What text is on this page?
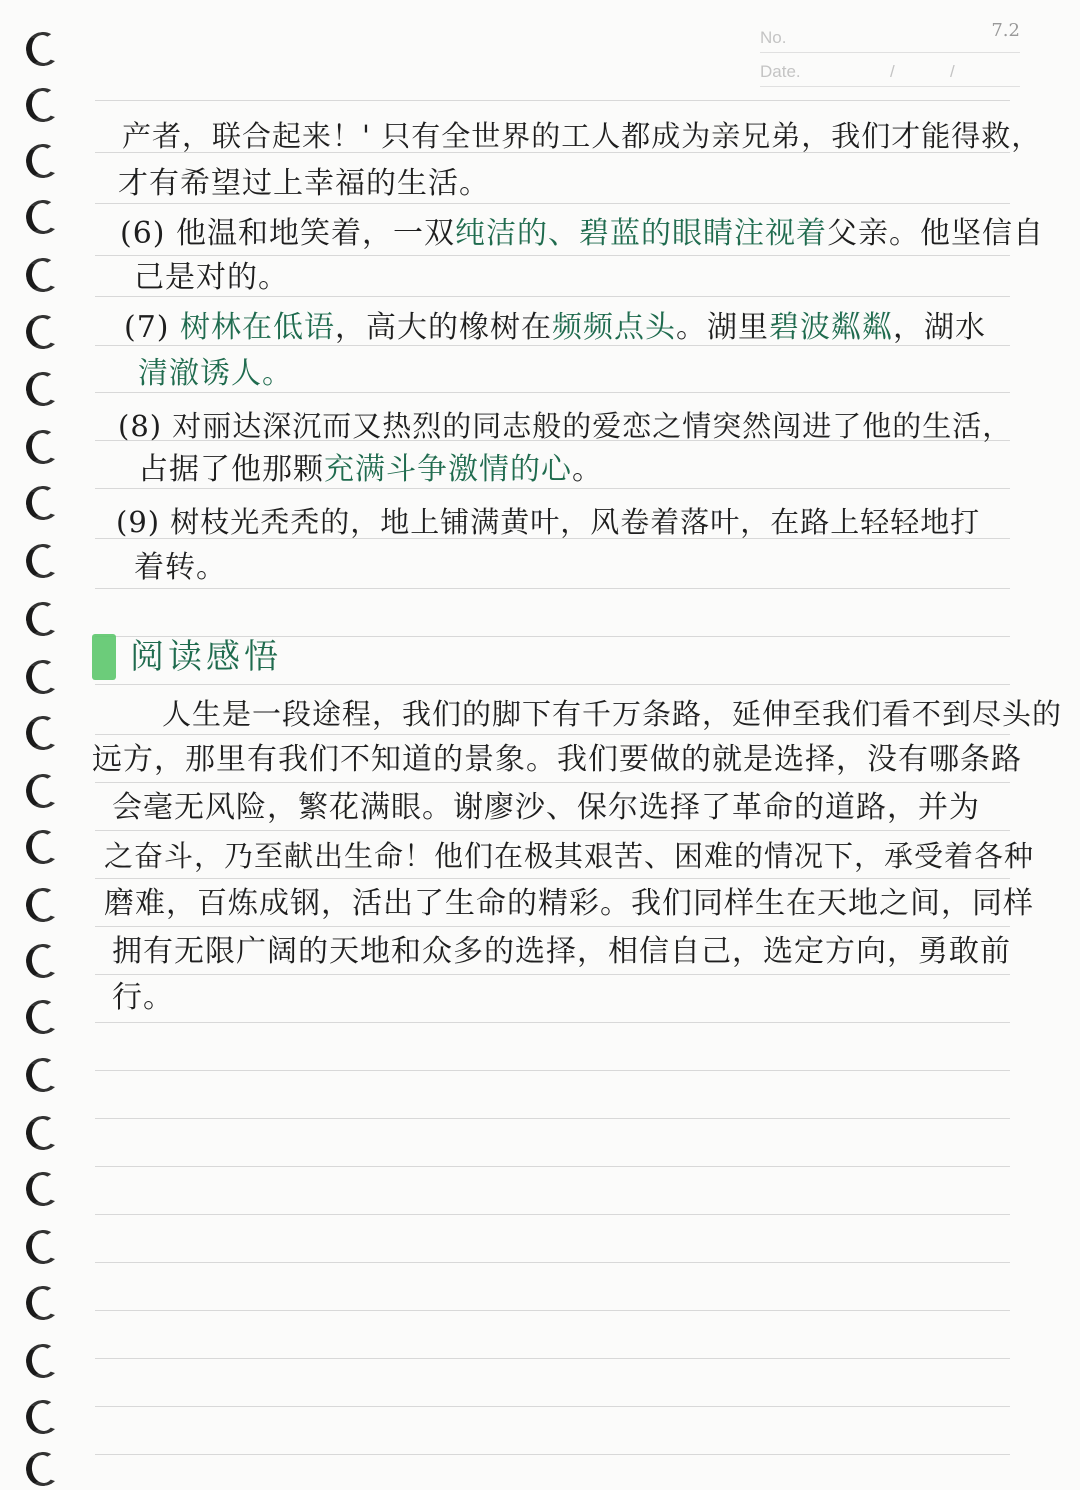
No.
Date.	/	/
7.2
产者，联合起来！' 只有全世界的工人都成为亲兄弟，我们才能得救，
才有希望过上幸福的生活。
(6) 他温和地笑着，一双纯洁的、碧蓝的眼睛注视着父亲。他坚信自
己是对的。
(7) 树林在低语，高大的橡树在频频点头。湖里碧波粼粼，湖水
清澈诱人。
(8) 对丽达深沉而又热烈的同志般的爱恋之情突然闯进了他的生活，
占据了他那颗充满斗争激情的心。
(9) 树枝光秃秃的，地上铺满黄叶，风卷着落叶，在路上轻轻地打
着转。
阅读感悟
人生是一段途程，我们的脚下有千万条路，延伸至我们看不到尽头的
远方，那里有我们不知道的景象。我们要做的就是选择，没有哪条路
会毫无风险，繁花满眼。谢廖沙、保尔选择了革命的道路，并为
之奋斗，乃至献出生命！他们在极其艰苦、困难的情况下，承受着各种
磨难，百炼成钢，活出了生命的精彩。我们同样生在天地之间，同样
拥有无限广阔的天地和众多的选择，相信自己，选定方向，勇敢前
行。
